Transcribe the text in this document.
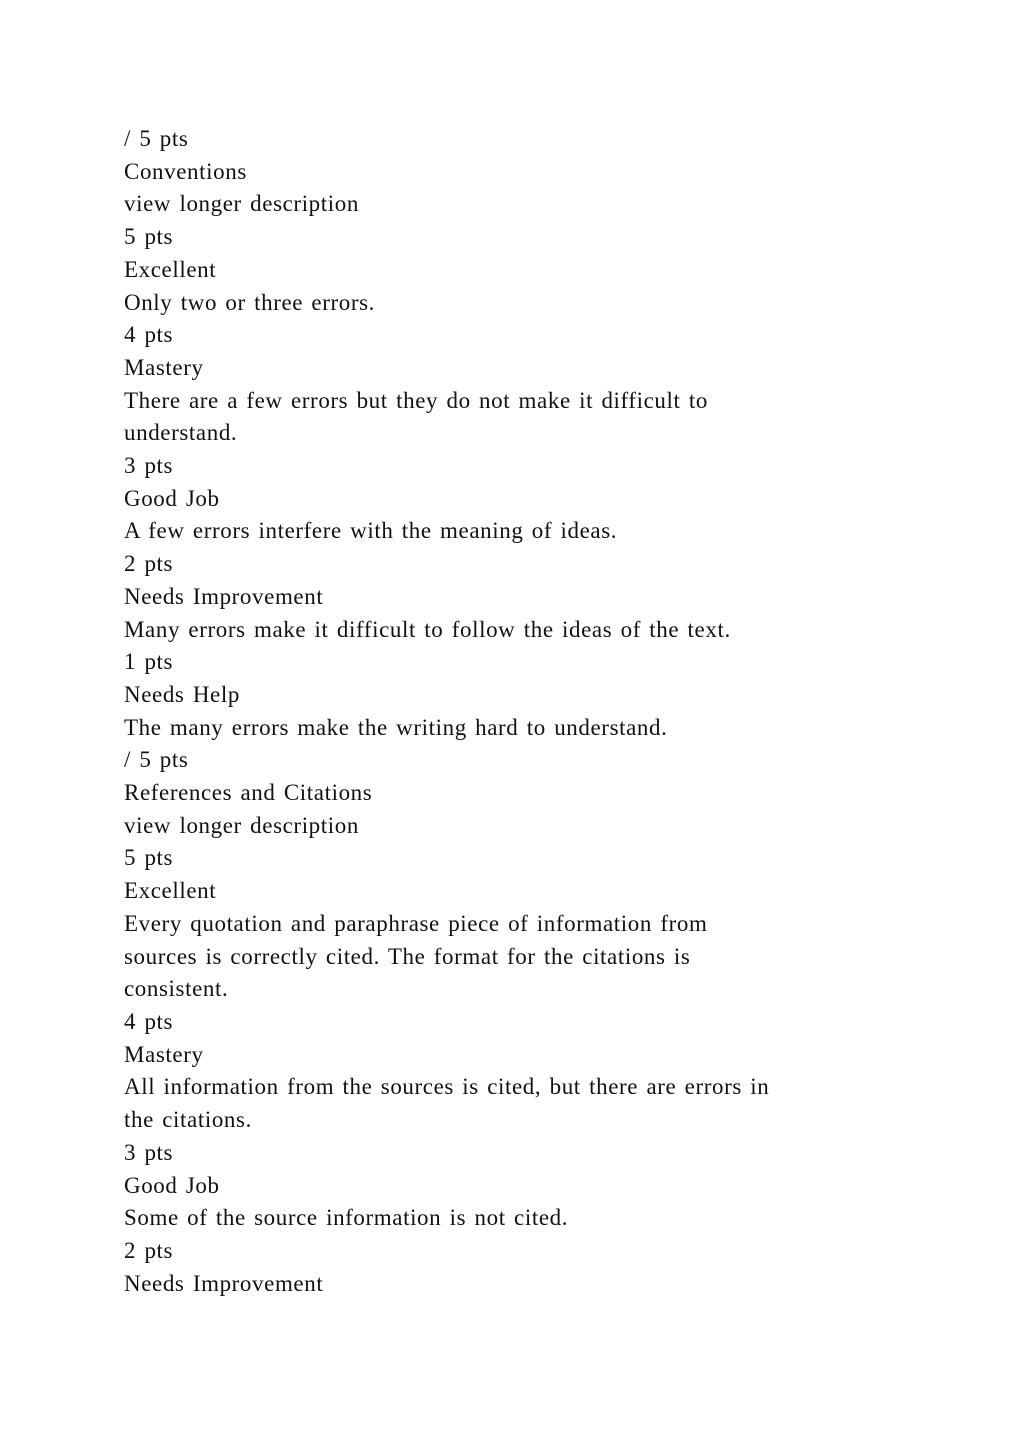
/ 5 pts
Conventions
view longer description
5 pts
Excellent
Only two or three errors.
4 pts
Mastery
There are a few errors but they do not make it difficult to
understand.
3 pts
Good Job
A few errors interfere with the meaning of ideas.
2 pts
Needs Improvement
Many errors make it difficult to follow the ideas of the text.
1 pts
Needs Help
The many errors make the writing hard to understand.
/ 5 pts
References and Citations
view longer description
5 pts
Excellent
Every quotation and paraphrase piece of information from
sources is correctly cited. The format for the citations is
consistent.
4 pts
Mastery
All information from the sources is cited, but there are errors in
the citations.
3 pts
Good Job
Some of the source information is not cited.
2 pts
Needs Improvement
